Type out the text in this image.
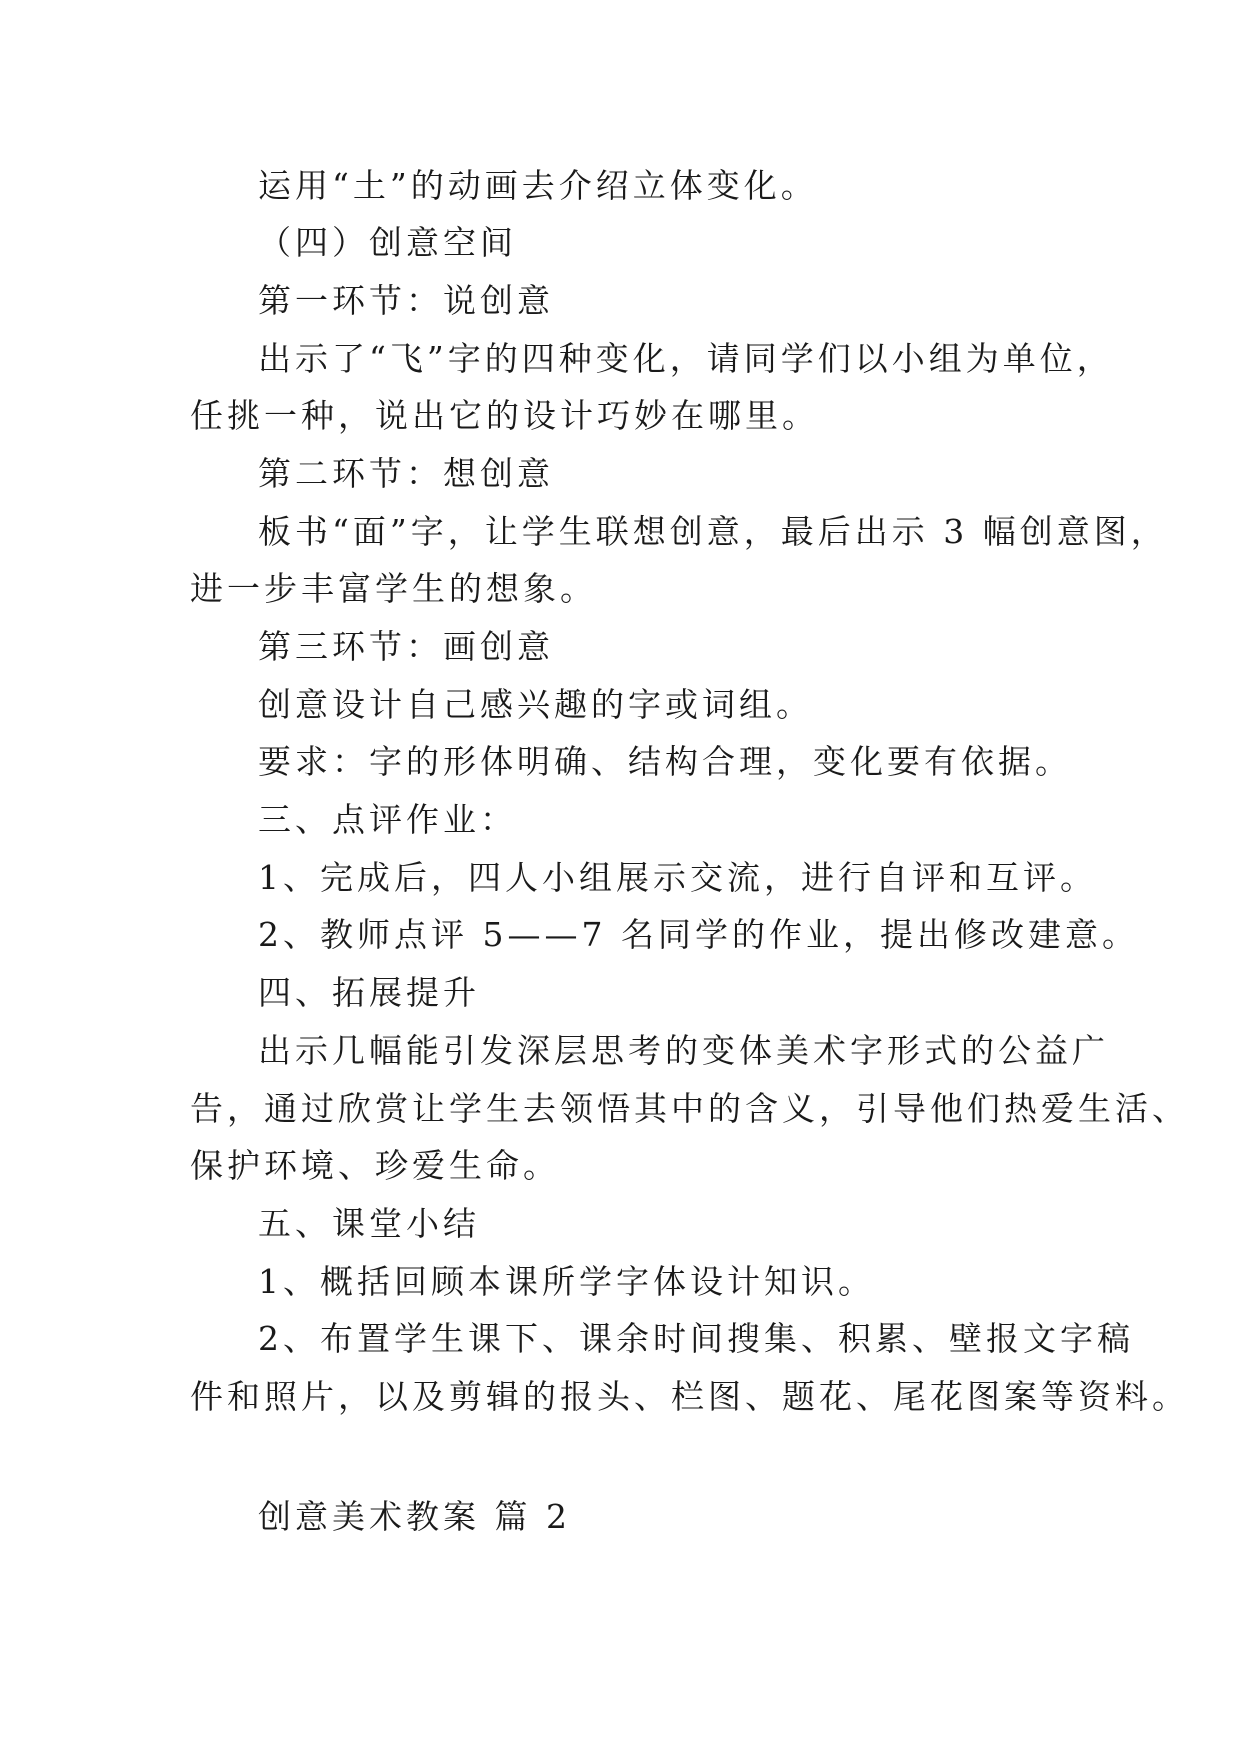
运用“土”的动画去介绍立体变化。
（四）创意空间
第一环节：说创意
出示了“飞”字的四种变化，请同学们以小组为单位，
任挑一种，说出它的设计巧妙在哪里。
第二环节：想创意
板书“面”字，让学生联想创意，最后出示 3 幅创意图，
进一步丰富学生的想象。
第三环节：画创意
创意设计自己感兴趣的字或词组。
要求：字的形体明确、结构合理，变化要有依据。
三、点评作业：
1、完成后，四人小组展示交流，进行自评和互评。
2、教师点评 5——7 名同学的作业，提出修改建意。
四、拓展提升
出示几幅能引发深层思考的变体美术字形式的公益广
告，通过欣赏让学生去领悟其中的含义，引导他们热爱生活、
保护环境、珍爱生命。
五、课堂小结
1、概括回顾本课所学字体设计知识。
2、布置学生课下、课余时间搜集、积累、壁报文字稿
件和照片，以及剪辑的报头、栏图、题花、尾花图案等资料。
创意美术教案 篇 2
